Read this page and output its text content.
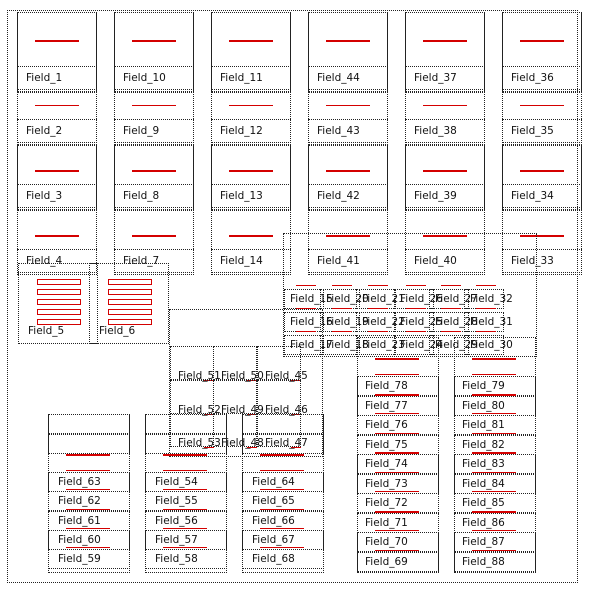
Field_1
Field_2
Field_3
Field_4
Field_10
Field_9
Field_8
Field_7
Field_11
Field_12
Field_13
Field_14
Field_44
Field_43
Field_42
Field_41
Field_37
Field_38
Field_39
Field_40
Field_36
Field_35
Field_34
Field_33
Field_5	Field_6
Field_15
Field_20
Field_21
Field_26
Field_27
Field_32
Field_16
Field_19
Field_22
Field_25
Field_28
Field_31
Field_17
Field_18
Field_23
Field_24
Field_29
Field_30
Field_51 Field_50 Field_45
Field_52 Field_49 Field_46
Field_53 Field_48 Field_47
Field_63
Field_62
Field_61
Field_60
Field_59
Field_54
Field_55
Field_56
Field_57
Field_58
Field_64
Field_65
Field_66
Field_67
Field_68
Field_78
Field_77
Field_76
Field_75
Field_74
Field_73
Field_72
Field_71
Field_70
Field_69
Field_79
Field_80
Field_81
Field_82
Field_83
Field_84
Field_85
Field_86
Field_87
Field_88
